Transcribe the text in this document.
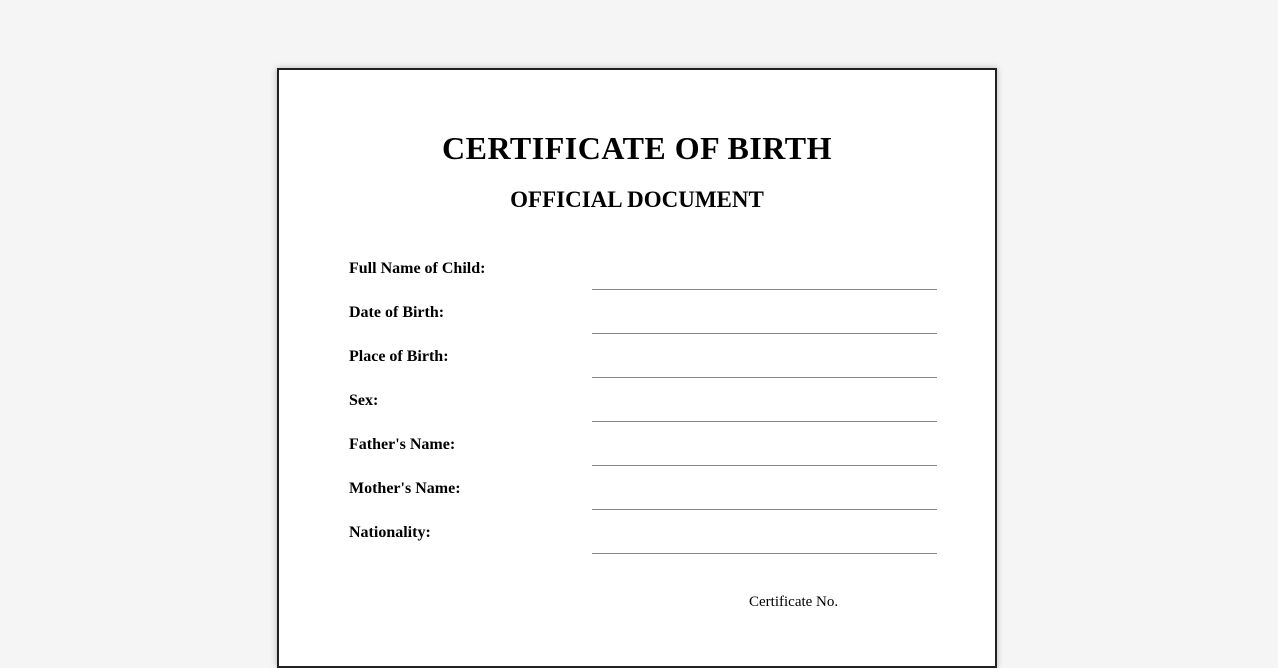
CERTIFICATE OF BIRTH
OFFICIAL DOCUMENT
Full Name of Child:
Date of Birth:
Place of Birth:
Sex:
Father's Name:
Mother's Name:
Nationality:
Certificate No.
